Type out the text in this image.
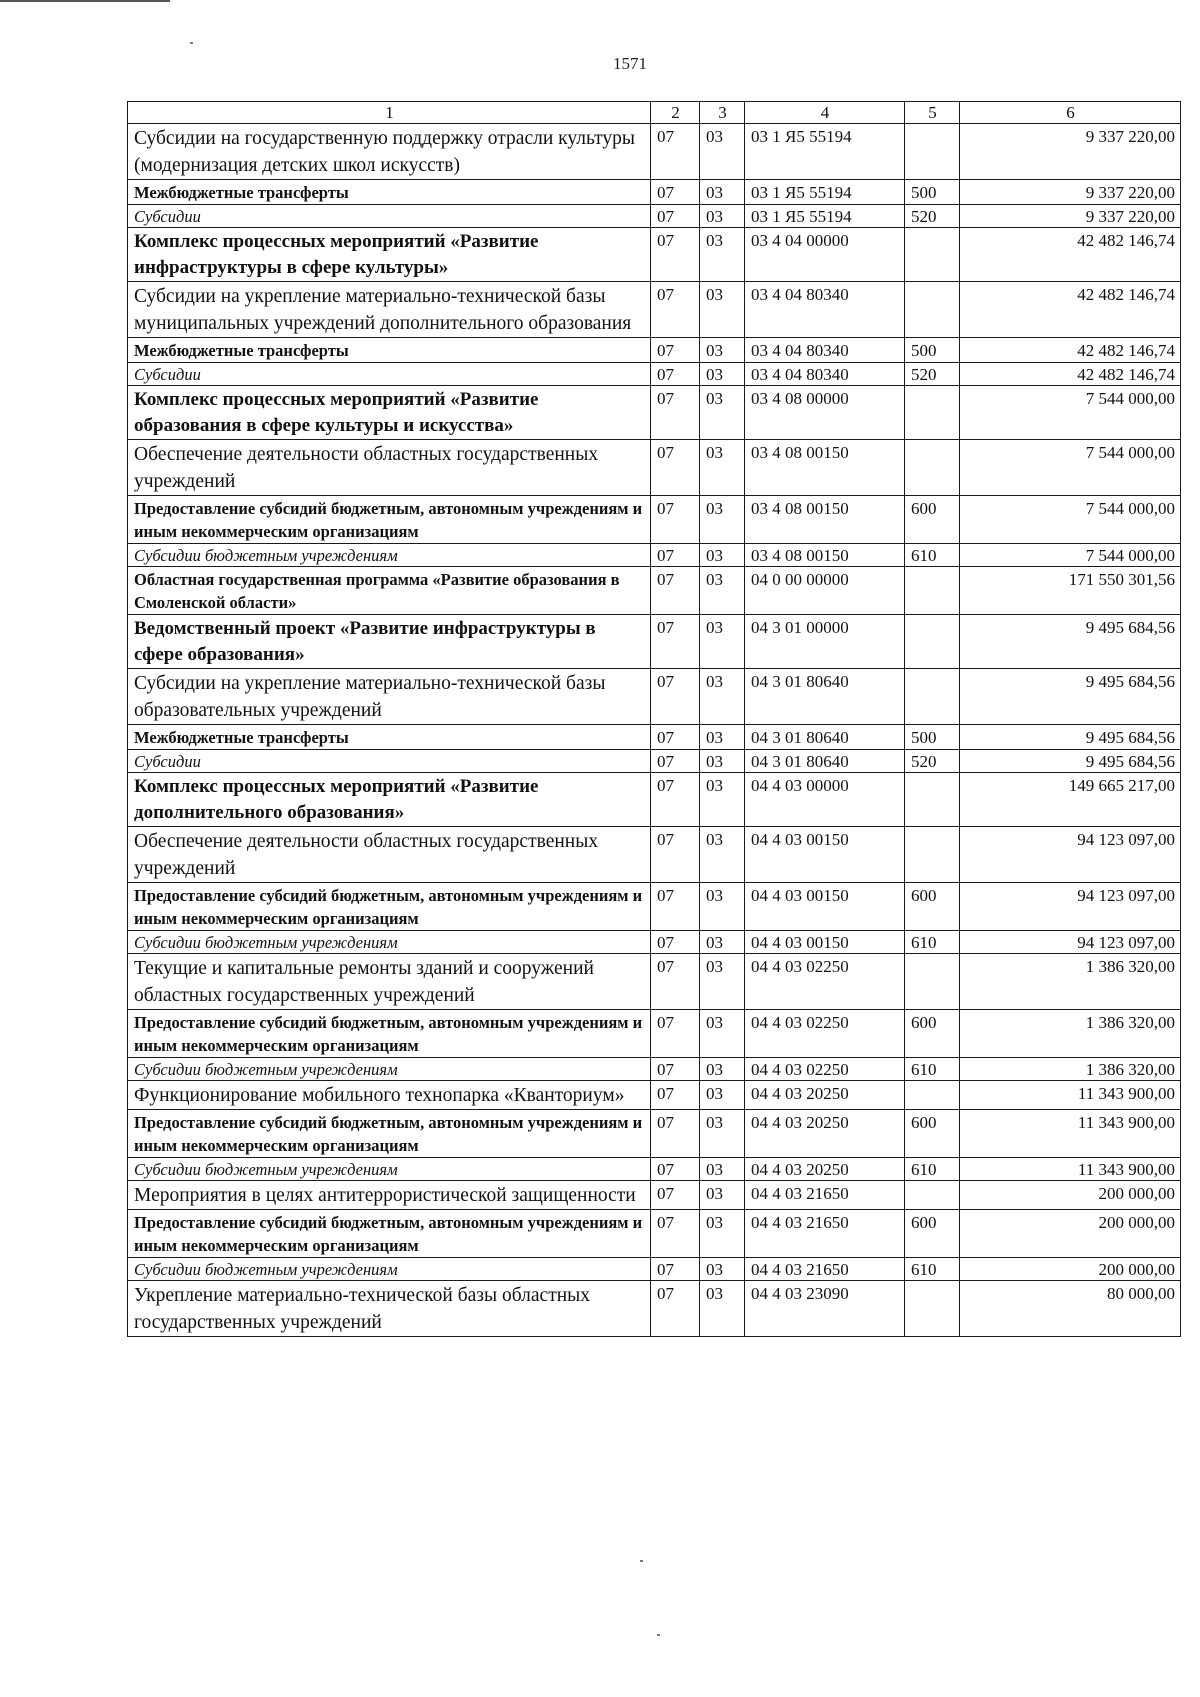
1571
1	2	3	4	5	6
Субсидии на государственную поддержку отрасли культуры (модернизация детских школ искусств)	07	03	03 1 Я5 55194		9 337 220,00
Межбюджетные трансферты	07	03	03 1 Я5 55194	500	9 337 220,00
Субсидии	07	03	03 1 Я5 55194	520	9 337 220,00
Комплекс процессных мероприятий «Развитие инфраструктуры в сфере культуры»	07	03	03 4 04 00000		42 482 146,74
Субсидии на укрепление материально-технической базы муниципальных учреждений дополнительного образования	07	03	03 4 04 80340		42 482 146,74
Межбюджетные трансферты	07	03	03 4 04 80340	500	42 482 146,74
Субсидии	07	03	03 4 04 80340	520	42 482 146,74
Комплекс процессных мероприятий «Развитие образования в сфере культуры и искусства»	07	03	03 4 08 00000		7 544 000,00
Обеспечение деятельности областных государственных учреждений	07	03	03 4 08 00150		7 544 000,00
Предоставление субсидий бюджетным, автономным учреждениям и иным некоммерческим организациям	07	03	03 4 08 00150	600	7 544 000,00
Субсидии бюджетным учреждениям	07	03	03 4 08 00150	610	7 544 000,00
Областная государственная программа «Развитие образования в Смоленской области»	07	03	04 0 00 00000		171 550 301,56
Ведомственный проект «Развитие инфраструктуры в сфере образования»	07	03	04 3 01 00000		9 495 684,56
Субсидии на укрепление материально-технической базы образовательных учреждений	07	03	04 3 01 80640		9 495 684,56
Межбюджетные трансферты	07	03	04 3 01 80640	500	9 495 684,56
Субсидии	07	03	04 3 01 80640	520	9 495 684,56
Комплекс процессных мероприятий «Развитие дополнительного образования»	07	03	04 4 03 00000		149 665 217,00
Обеспечение деятельности областных государственных учреждений	07	03	04 4 03 00150		94 123 097,00
Предоставление субсидий бюджетным, автономным учреждениям и иным некоммерческим организациям	07	03	04 4 03 00150	600	94 123 097,00
Субсидии бюджетным учреждениям	07	03	04 4 03 00150	610	94 123 097,00
Текущие и капитальные ремонты зданий и сооружений областных государственных учреждений	07	03	04 4 03 02250		1 386 320,00
Предоставление субсидий бюджетным, автономным учреждениям и иным некоммерческим организациям	07	03	04 4 03 02250	600	1 386 320,00
Субсидии бюджетным учреждениям	07	03	04 4 03 02250	610	1 386 320,00
Функционирование мобильного технопарка «Кванториум»	07	03	04 4 03 20250		11 343 900,00
Предоставление субсидий бюджетным, автономным учреждениям и иным некоммерческим организациям	07	03	04 4 03 20250	600	11 343 900,00
Субсидии бюджетным учреждениям	07	03	04 4 03 20250	610	11 343 900,00
Мероприятия в целях антитеррористической защищенности	07	03	04 4 03 21650		200 000,00
Предоставление субсидий бюджетным, автономным учреждениям и иным некоммерческим организациям	07	03	04 4 03 21650	600	200 000,00
Субсидии бюджетным учреждениям	07	03	04 4 03 21650	610	200 000,00
Укрепление материально-технической базы областных государственных учреждений	07	03	04 4 03 23090		80 000,00
